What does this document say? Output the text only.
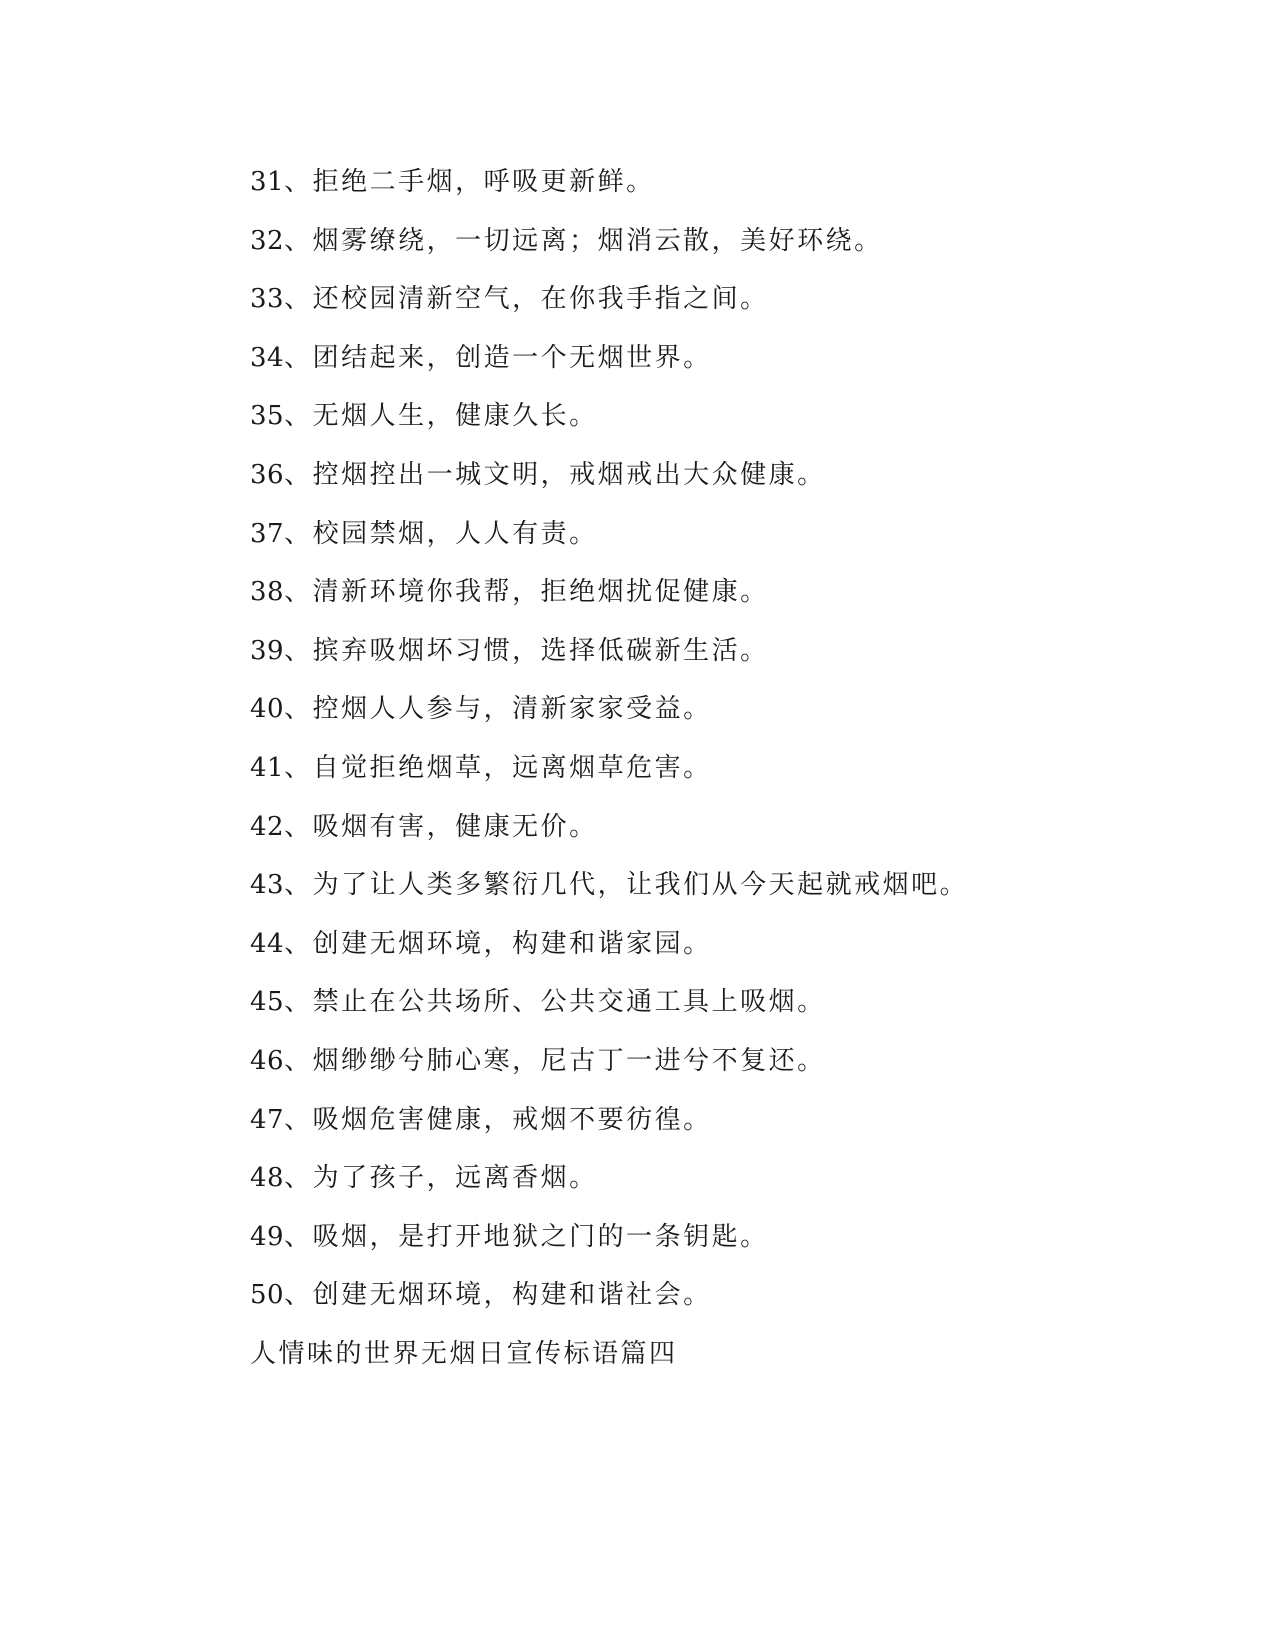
31、拒绝二手烟，呼吸更新鲜。
32、烟雾缭绕，一切远离；烟消云散，美好环绕。
33、还校园清新空气，在你我手指之间。
34、团结起来，创造一个无烟世界。
35、无烟人生，健康久长。
36、控烟控出一城文明，戒烟戒出大众健康。
37、校园禁烟，人人有责。
38、清新环境你我帮，拒绝烟扰促健康。
39、摈弃吸烟坏习惯，选择低碳新生活。
40、控烟人人参与，清新家家受益。
41、自觉拒绝烟草，远离烟草危害。
42、吸烟有害，健康无价。
43、为了让人类多繁衍几代，让我们从今天起就戒烟吧。
44、创建无烟环境，构建和谐家园。
45、禁止在公共场所、公共交通工具上吸烟。
46、烟缈缈兮肺心寒，尼古丁一进兮不复还。
47、吸烟危害健康，戒烟不要彷徨。
48、为了孩子，远离香烟。
49、吸烟，是打开地狱之门的一条钥匙。
50、创建无烟环境，构建和谐社会。
人情味的世界无烟日宣传标语篇四
